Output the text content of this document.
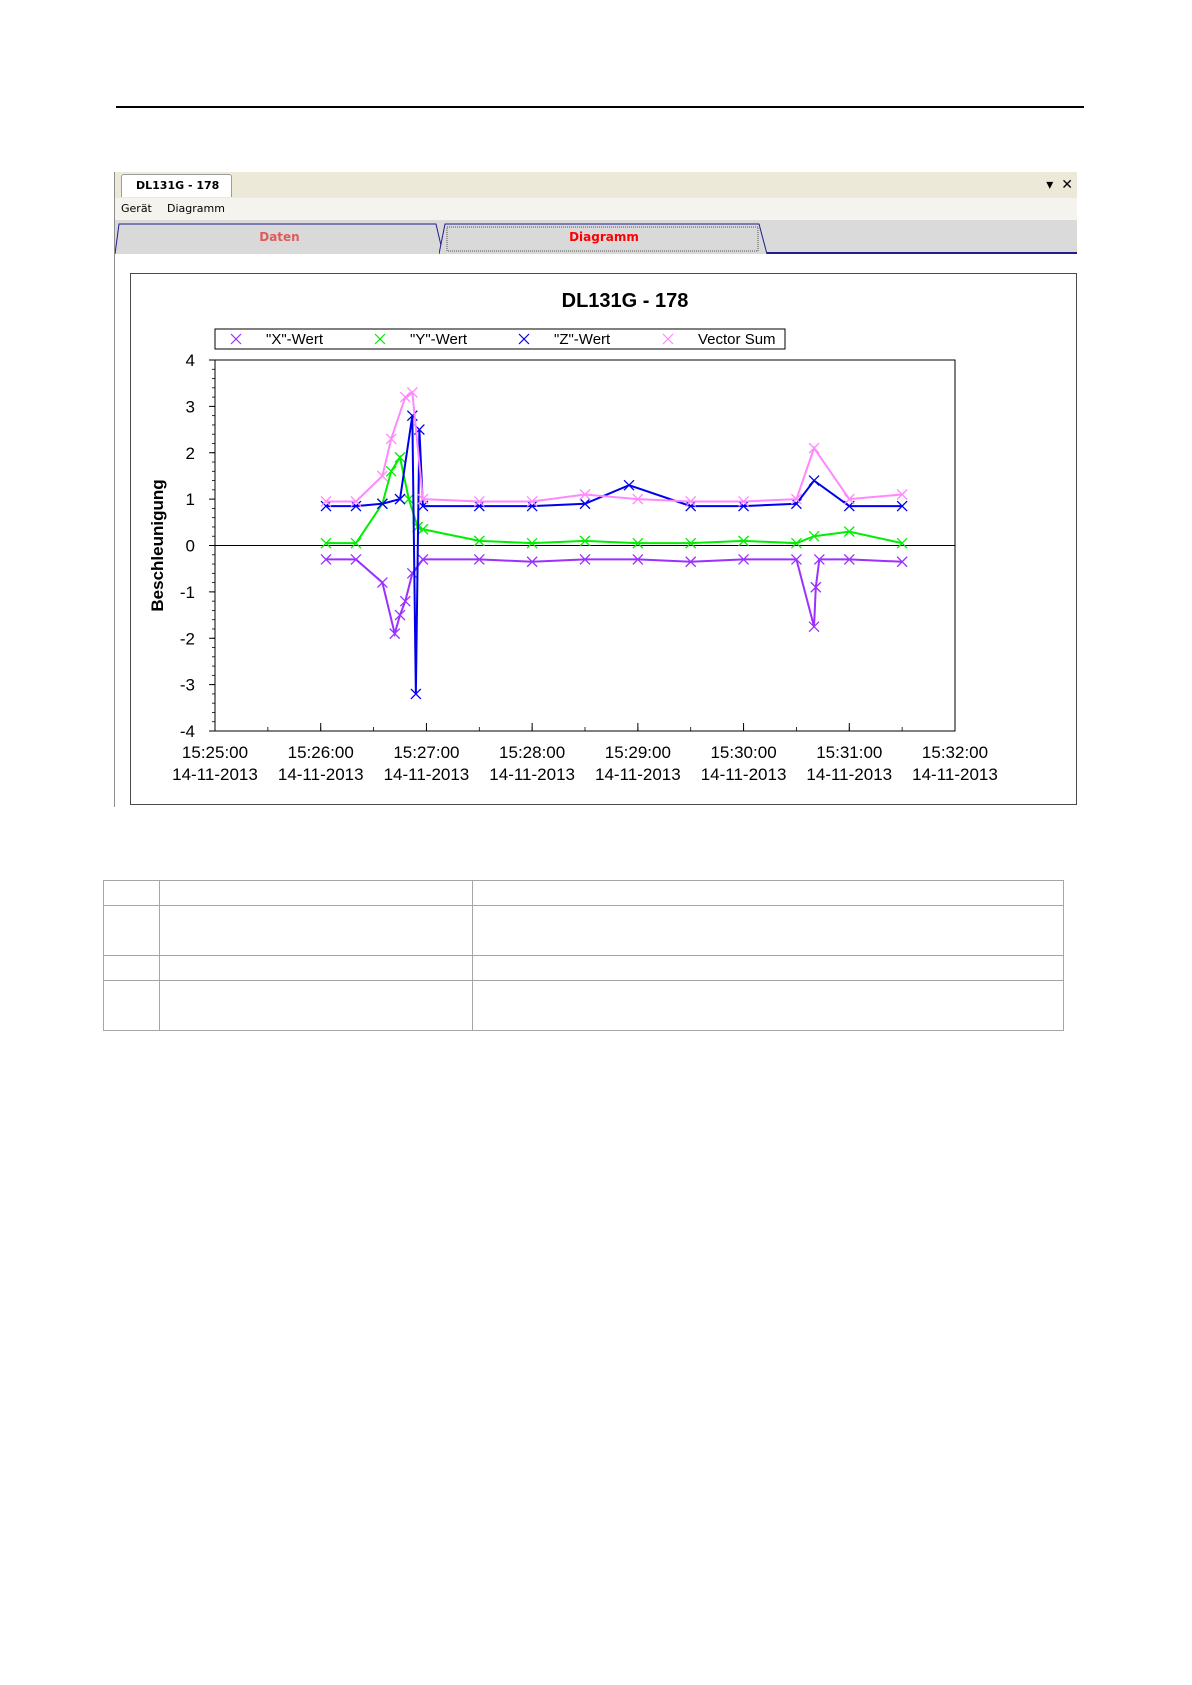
DL131G - 178	▾ ✕
Gerät Diagramm
Daten	Diagramm
DL131G - 178
4
3
2
1
0
-1
-2
-3
-4
15:25:00
14-11-2013
15:26:00
14-11-2013
15:27:00
14-11-2013
15:28:00
14-11-2013
15:29:00
14-11-2013
15:30:00
14-11-2013
15:31:00
14-11-2013
15:32:00
14-11-2013
Beschleunigung
"X"-Wert	"Y"-Wert	"Z"-Wert	Vector Sum
